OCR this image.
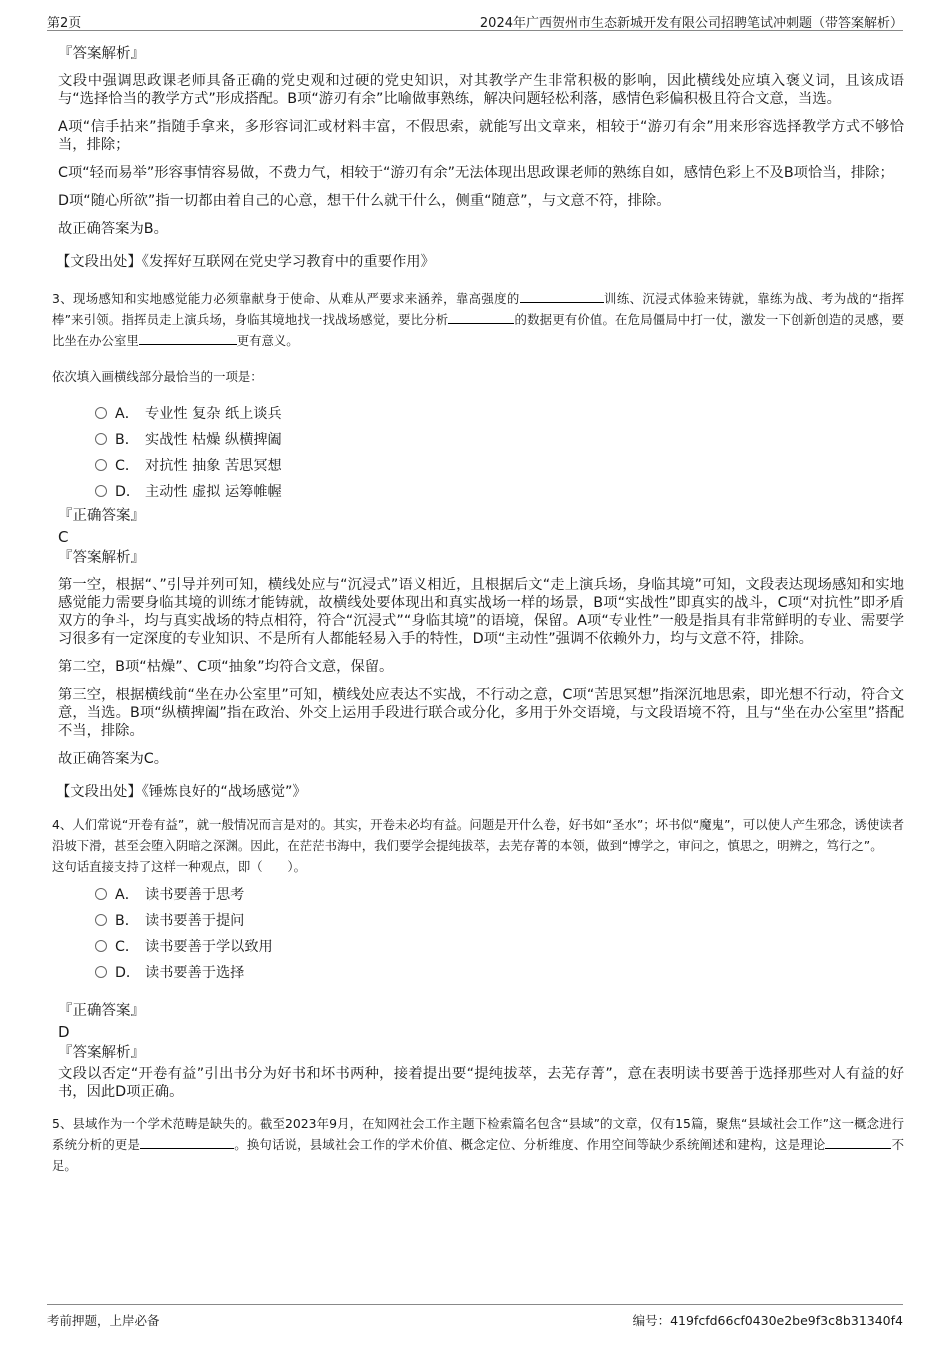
第2页	2024年广西贺州市生态新城开发有限公司招聘笔试冲刺题（带答案解析）
『答案解析』
文段中强调思政课老师具备正确的党史观和过硬的党史知识，对其教学产生非常积极的影响，因此横线处应填入褒义词，且该成语与“选择恰当的教学方式”形成搭配。B项“游刃有余”比喻做事熟练，解决问题轻松利落，感情色彩偏积极且符合文意，当选。
A项“信手拈来”指随手拿来，多形容词汇或材料丰富，不假思索，就能写出文章来，相较于“游刃有余”用来形容选择教学方式不够恰当，排除；
C项“轻而易举”形容事情容易做，不费力气，相较于“游刃有余”无法体现出思政课老师的熟练自如，感情色彩上不及B项恰当，排除；
D项“随心所欲”指一切都由着自己的心意，想干什么就干什么，侧重“随意”，与文意不符，排除。
故正确答案为B。
【文段出处】《发挥好互联网在党史学习教育中的重要作用》
3、现场感知和实地感觉能力必须靠献身于使命、从难从严要求来涵养，靠高强度的	训练、沉浸式体验来铸就，靠练为战、考为战的“指挥棒”来引领。指挥员走上演兵场，身临其境地找一找战场感觉，要比分析	的数据更有价值。在危局僵局中打一仗，激发一下创新创造的灵感，要比坐在办公室里	更有意义。
依次填入画横线部分最恰当的一项是：
A． 专业性 复杂 纸上谈兵
B． 实战性 枯燥 纵横捭阖
C． 对抗性 抽象 苦思冥想
D． 主动性 虚拟 运筹帷幄
『正确答案』
C
『答案解析』
第一空，根据“、”引导并列可知，横线处应与“沉浸式”语义相近，且根据后文“走上演兵场，身临其境”可知，文段表达现场感知和实地感觉能力需要身临其境的训练才能铸就，故横线处要体现出和真实战场一样的场景，B项“实战性”即真实的战斗，C项“对抗性”即矛盾双方的争斗，均与真实战场的特点相符，符合“沉浸式”“身临其境”的语境，保留。A项“专业性”一般是指具有非常鲜明的专业、需要学习很多有一定深度的专业知识、不是所有人都能轻易入手的特性，D项“主动性”强调不依赖外力，均与文意不符，排除。
第二空，B项“枯燥”、C项“抽象”均符合文意，保留。
第三空，根据横线前“坐在办公室里”可知，横线处应表达不实战，不行动之意，C项“苦思冥想”指深沉地思索，即光想不行动，符合文意，当选。B项“纵横捭阖”指在政治、外交上运用手段进行联合或分化，多用于外交语境，与文段语境不符，且与“坐在办公室里”搭配不当，排除。
故正确答案为C。
【文段出处】《锤炼良好的“战场感觉”》
4、人们常说“开卷有益”，就一般情况而言是对的。其实，开卷未必均有益。问题是开什么卷，好书如“圣水”；坏书似“魔鬼”，可以使人产生邪念，诱使读者沿坡下滑，甚至会堕入阴暗之深渊。因此，在茫茫书海中，我们要学会提纯拔萃，去芜存菁的本领，做到“博学之，审问之，慎思之，明辨之，笃行之”。
这句话直接支持了这样一种观点，即（　　）。
A． 读书要善于思考
B． 读书要善于提问
C． 读书要善于学以致用
D． 读书要善于选择
『正确答案』
D
『答案解析』
文段以否定“开卷有益”引出书分为好书和坏书两种，接着提出要“提纯拔萃，去芜存菁”，意在表明读书要善于选择那些对人有益的好书，因此D项正确。
5、县域作为一个学术范畴是缺失的。截至2023年9月，在知网社会工作主题下检索篇名包含“县域”的文章，仅有15篇，聚焦“县域社会工作”这一概念进行系统分析的更是	。换句话说，县域社会工作的学术价值、概念定位、分析维度、作用空间等缺少系统阐述和建构，这是理论	不足。
考前押题，上岸必备	编号：419fcfd66cf0430e2be9f3c8b31340f4
